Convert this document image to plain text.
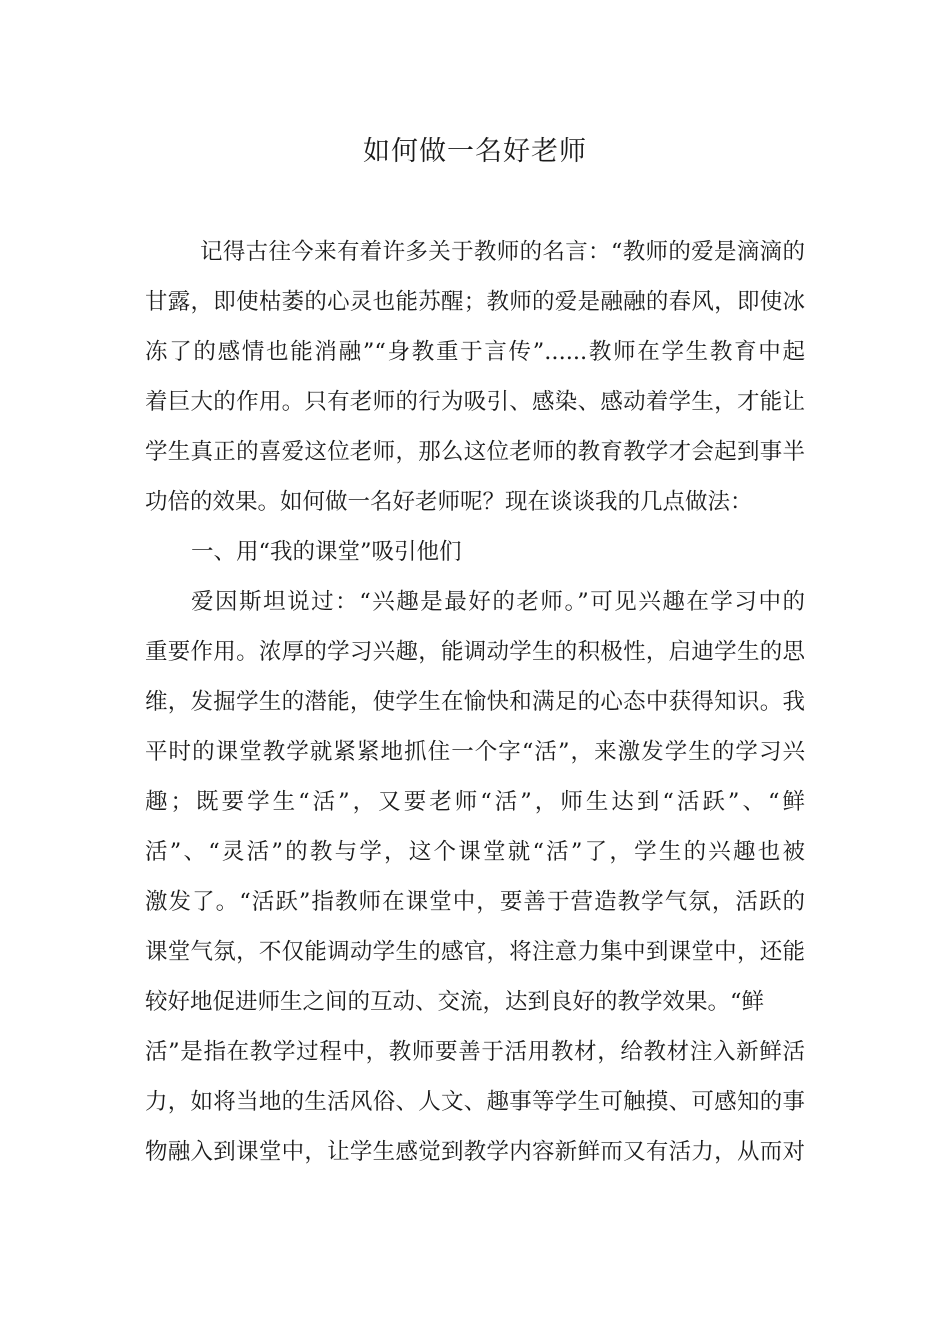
如何做一名好老师
记得古往今来有着许多关于教师的名言：“教师的爱是滴滴的
甘露，即使枯萎的心灵也能苏醒；教师的爱是融融的春风，即使冰
冻了的感情也能消融”“身教重于言传”......教师在学生教育中起
着巨大的作用。只有老师的行为吸引、感染、感动着学生，才能让
学生真正的喜爱这位老师，那么这位老师的教育教学才会起到事半
功倍的效果。如何做一名好老师呢？现在谈谈我的几点做法：
一、用“我的课堂”吸引他们
爱因斯坦说过：“兴趣是最好的老师。”可见兴趣在学习中的
重要作用。浓厚的学习兴趣，能调动学生的积极性，启迪学生的思
维，发掘学生的潜能，使学生在愉快和满足的心态中获得知识。我
平时的课堂教学就紧紧地抓住一个字“活”，来激发学生的学习兴
趣；既要学生“活”，又要老师“活”，师生达到“活跃”、“鲜
活”、“灵活”的教与学，这个课堂就“活”了，学生的兴趣也被
激发了。“活跃”指教师在课堂中，要善于营造教学气氛，活跃的
课堂气氛，不仅能调动学生的感官，将注意力集中到课堂中，还能
较好地促进师生之间的互动、交流，达到良好的教学效果。“鲜
活”是指在教学过程中，教师要善于活用教材，给教材注入新鲜活
力，如将当地的生活风俗、人文、趣事等学生可触摸、可感知的事
物融入到课堂中，让学生感觉到教学内容新鲜而又有活力，从而对
